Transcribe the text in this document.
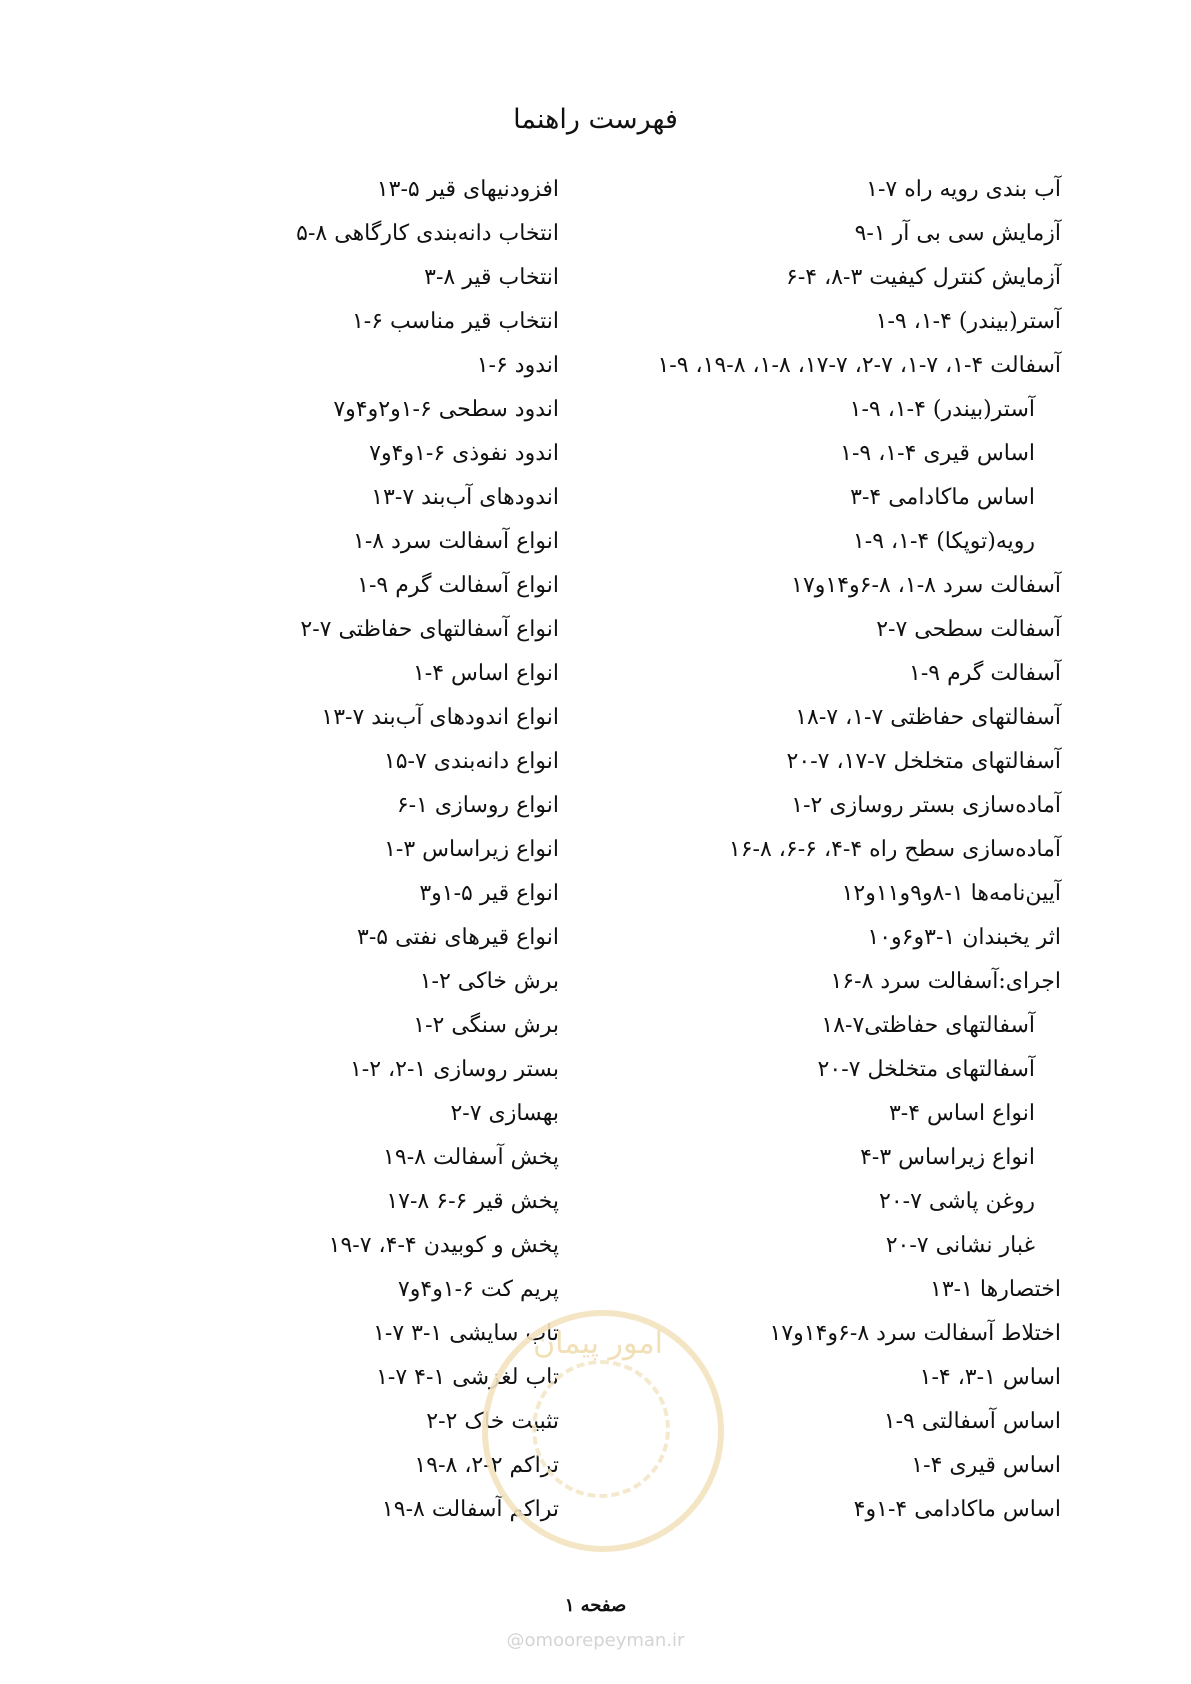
فهرست راهنما
آب بندی رویه راه ۷-۱
آزمایش سی بی آر ۱-۹
آزمایش کنترل کیفیت ۳-۸، ۴-۶
آستر(بیندر) ۴-۱، ۹-۱
آسفالت ۴-۱، ۷-۱، ۷-۲، ۷-۱۷، ۸-۱، ۸-۱۹، ۹-۱
آستر(بیندر) ۴-۱، ۹-۱
اساس قیری ۴-۱، ۹-۱
اساس ماکادامی ۴-۳
رویه(توپکا) ۴-۱، ۹-۱
آسفالت سرد ۸-۱، ۸-۶و۱۴و۱۷
آسفالت سطحی ۷-۲
آسفالت گرم ۹-۱
آسفالتهای حفاظتی ۷-۱، ۷-۱۸
آسفالتهای متخلخل ۷-۱۷، ۷-۲۰
آماده‌سازی بستر روسازی ۲-۱
آماده‌سازی سطح راه ۴-۴، ۶-۶، ۸-۱۶
آیین‌نامه‌ها ۱-۸و۹و۱۱و۱۲
اثر یخبندان ۱-۳و۶و۱۰
اجرای:آسفالت سرد ۸-۱۶
آسفالتهای حفاظتی۷-۱۸
آسفالتهای متخلخل ۷-۲۰
انواع اساس ۴-۳
انواع زیراساس ۳-۴
روغن پاشی ۷-۲۰
غبار نشانی ۷-۲۰
اختصارها ۱-۱۳
اختلاط آسفالت سرد ۸-۶و۱۴و۱۷
اساس ۱-۳، ۴-۱
اساس آسفالتی ۹-۱
اساس قیری ۴-۱
اساس ماکادامی ۴-۱و۴
افزودنیهای قیر ۵-۱۳
انتخاب دانه‌بندی کارگاهی ۸-۵
انتخاب قیر ۸-۳
انتخاب قیر مناسب ۶-۱
اندود ۶-۱
اندود سطحی ۶-۱و۲و۴و۷
اندود نفوذی ۶-۱و۴و۷
اندودهای آب‌بند ۷-۱۳
انواع آسفالت سرد ۸-۱
انواع آسفالت گرم ۹-۱
انواع آسفالتهای حفاظتی ۷-۲
انواع اساس ۴-۱
انواع اندودهای آب‌بند ۷-۱۳
انواع دانه‌بندی ۷-۱۵
انواع روسازی ۱-۶
انواع زیراساس ۳-۱
انواع قیر ۵-۱و۳
انواع قیرهای نفتی ۵-۳
برش خاکی ۲-۱
برش سنگی ۲-۱
بستر روسازی ۱-۲، ۲-۱
بهسازی ۷-۲
پخش آسفالت ۸-۱۹
پخش قیر ۶-۶ ۸-۱۷
پخش و کوبیدن ۴-۴، ۷-۱۹
پریم کت ۶-۱و۴و۷
تاب سایشی ۱-۳ ۷-۱
تاب لغزشی ۱-۴ ۷-۱
تثبیت خاک ۲-۲
تراکم ۲-۲، ۸-۱۹
تراکم آسفالت ۸-۱۹
امور پیمان
صفحه ۱
@omoorepeyman.ir
